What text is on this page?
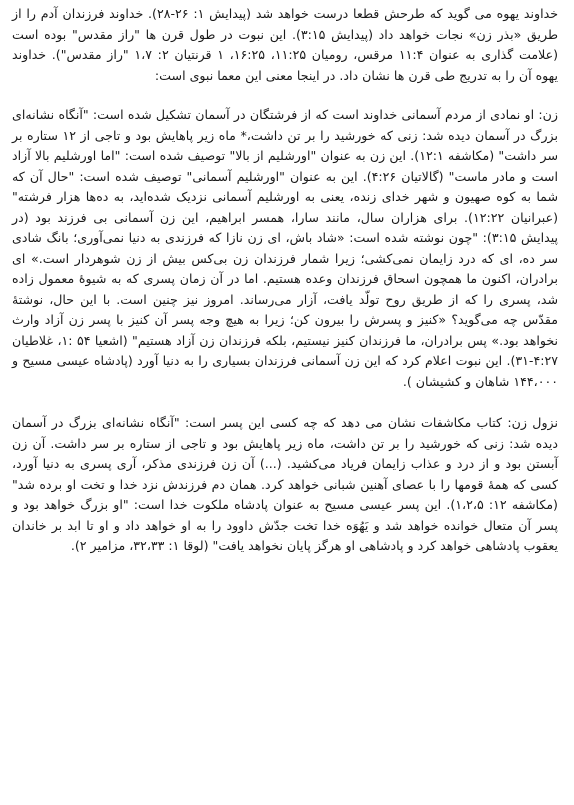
خداوند یهوه می گوید که طرحش قطعا درست خواهد شد (پیدایش ۱: ۲۶-۲۸). خداوند فرزندان آدم را از طریق «بذر زن» نجات خواهد داد (پیدایش ۳:۱۵). این نبوت در طول قرن ها "راز مقدس" بوده است (علامت گذاری به عنوان ۱۱:۴ مرقس، رومیان ۱۱:۲۵، ۱۶:۲۵، ۱ قرنتیان ۲: ۱،۷ "راز مقدس"). خداوند یهوه آن را به تدریج طی قرن ها نشان داد. در اینجا معنی این معما نبوی است:

زن: او نمادی از مردم آسمانی خداوند است که از فرشتگان در آسمان تشکیل شده است: "آنگاه نشانه‌ای بزرگ در آسمان دیده شد: زنی که خورشید را بر تن داشت،* ماه زیر پاهایش بود و تاجی از ۱۲ ستاره بر سر داشت" (مکاشفه ۱۲:۱). این زن به عنوان "اورشلیم از بالا" توصیف شده است: "اما اورشلیم بالا آزاد است و مادر ماست" (گالاتیان ۴:۲۶). این به عنوان "اورشلیم آسمانی" توصیف شده است: "حال آن که شما به کوه صهیون و شهر خدای زنده، یعنی به اورشلیم آسمانی نزدیک شده‌اید، به ده‌ها هزار فرشته" (عبرانیان ۱۲:۲۲). برای هزاران سال، مانند سارا، همسر ابراهیم، این زن آسمانی بی فرزند بود (در پیدایش ۳:۱۵): "چون نوشته شده است: «شاد باش، ای زن نازا که فرزندی به دنیا نمی‌آوری؛ بانگ شادی سر ده، ای که درد زایمان نمی‌کشی؛ زیرا شمار فرزندان زن بی‌کس بیش از زن شوهردار است.» ای برادران، اکنون ما همچون اسحاق فرزندان وعده هستیم. اما در آن زمان پسری که به شیوهٔ معمول زاده شد، پسری را که از طریق روح تولّد یافت، آزار می‌رساند. امروز نیز چنین است. با این حال، نوشتهٔ مقدّس چه می‌گوید؟ «کنیز و پسرش را بیرون کن؛ زیرا به هیچ وجه پسر آن کنیز با پسر زن آزاد وارث نخواهد بود.» پس برادران، ما فرزندان کنیز نیستیم، بلکه فرزندان زن آزاد هستیم" (اشعیا ۵۴ :۱، غلاطیان ۴:۲۷-۳۱). این نبوت اعلام کرد که این زن آسمانی فرزندان بسیاری را به دنیا آورد (پادشاه عیسی مسیح و ۱۴۴،۰۰۰ شاهان و کشیشان ).

نزول زن: کتاب مکاشفات نشان می دهد که چه کسی این پسر است: "آنگاه نشانه‌ای بزرگ در آسمان دیده شد: زنی که خورشید را بر تن داشت، ماه زیر پاهایش بود و تاجی از ستاره بر سر داشت. آن زن آبستن بود و از درد و عذاب زایمان فریاد می‌کشید. (...) آن زن فرزندی مذکر، آری پسری به دنیا آورد، کسی که همهٔ قومها را با عصای آهنین شبانی خواهد کرد. همان دم فرزندش نزد خدا و تخت او برده شد" (مکاشفه ۱۲: ۱،۲،۵). این پسر عیسی مسیح به عنوان پادشاه ملکوت خدا است: "او بزرگ خواهد بود و پسر آن متعال خوانده خواهد شد و یَهُوَه خدا تخت جدّش داوود را به او خواهد داد و او تا ابد بر خاندان یعقوب پادشاهی خواهد کرد و پادشاهی او هرگز پایان نخواهد یافت" (لوقا ۱: ۳۲،۳۳، مزامیر ۲).
